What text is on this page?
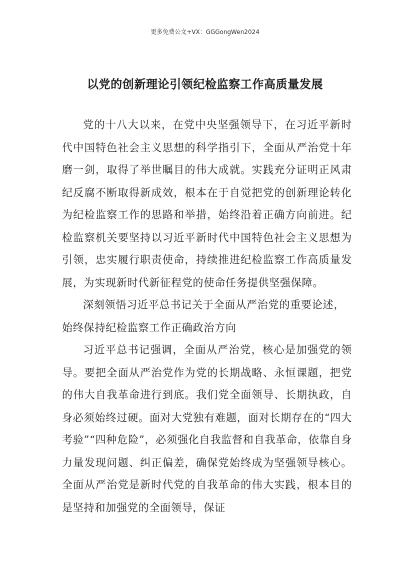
更多免费公文+VX：GGGongWen2024
以党的创新理论引领纪检监察工作高质量发展

党的十八大以来，在党中央坚强领导下，在习近平新时代中国特色社会主义思想的科学指引下，全面从严治党十年磨一剑，取得了举世瞩目的伟大成就。实践充分证明正风肃纪反腐不断取得新成效，根本在于自觉把党的创新理论转化为纪检监察工作的思路和举措，始终沿着正确方向前进。纪检监察机关要坚持以习近平新时代中国特色社会主义思想为引领，忠实履行职责使命，持续推进纪检监察工作高质量发展，为实现新时代新征程党的使命任务提供坚强保障。

深刻领悟习近平总书记关于全面从严治党的重要论述，始终保持纪检监察工作正确政治方向

习近平总书记强调，全面从严治党，核心是加强党的领导。要把全面从严治党作为党的长期战略、永恒课题，把党的伟大自我革命进行到底。我们党全面领导、长期执政，自身必须始终过硬。面对大党独有难题，面对长期存在的“四大考验”“四种危险”，必须强化自我监督和自我革命，依靠自身力量发现问题、纠正偏差，确保党始终成为坚强领导核心。全面从严治党是新时代党的自我革命的伟大实践，根本目的是坚持和加强党的全面领导，保证
